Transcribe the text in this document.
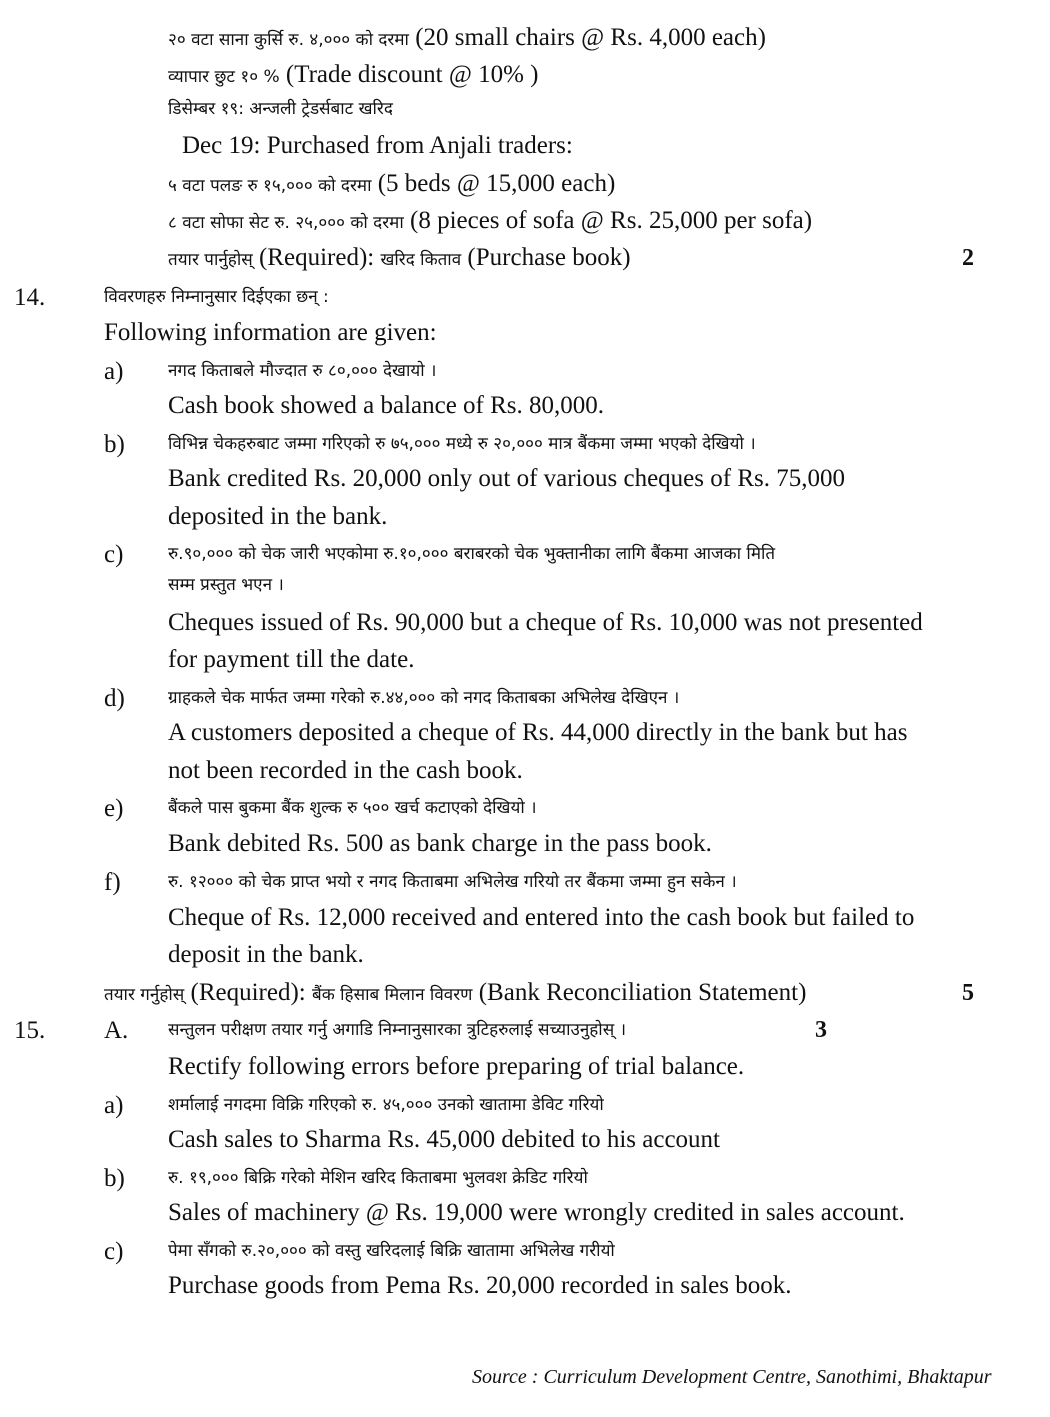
२० वटा साना कुर्सि रु. ४,००० को दरमा (20 small chairs @ Rs. 4,000 each)
व्यापार छुट १० % (Trade discount @ 10% )
डिसेम्बर १९: अन्जली ट्रेडर्सबाट खरिद
Dec 19: Purchased from Anjali traders:
५ वटा पलङ रु १५,००० को दरमा (5 beds @ 15,000 each)
८ वटा सोफा सेट रु. २५,००० को दरमा (8 pieces of sofa @ Rs. 25,000 per sofa)
तयार पार्नुहोस् (Required): खरिद किताव (Purchase book)	2
14.	विवरणहरु निम्नानुसार दिईएका छन् :
Following information are given:
a)	नगद किताबले मौज्दात रु ८०,००० देखायो ।
Cash book showed a balance of Rs. 80,000.
b)	विभिन्न चेकहरुबाट जम्मा गरिएको रु ७५,००० मध्ये रु २०,००० मात्र बैंकमा जम्मा भएको देखियो ।
Bank credited Rs. 20,000 only out of various cheques of Rs. 75,000
deposited in the bank.
c)	रु.९०,००० को चेक जारी भएकोमा रु.१०,००० बराबरको चेक भुक्तानीका लागि बैंकमा आजका मिति
सम्म प्रस्तुत भएन ।
Cheques issued of Rs. 90,000 but a cheque of Rs. 10,000 was not presented
for payment till the date.
d)	ग्राहकले चेक मार्फत जम्मा गरेको रु.४४,००० को नगद किताबका अभिलेख देखिएन ।
A customers deposited a cheque of Rs. 44,000 directly in the bank but has
not been recorded in the cash book.
e)	बैंकले पास बुकमा बैंक शुल्क रु ५०० खर्च कटाएको देखियो ।
Bank debited Rs. 500 as bank charge in the pass book.
f)	रु. १२००० को चेक प्राप्त भयो र नगद किताबमा अभिलेख गरियो तर बैंकमा जम्मा हुन सकेन ।
Cheque of Rs. 12,000 received and entered into the cash book but failed to
deposit in the bank.
तयार गर्नुहोस् (Required): बैंक हिसाब मिलान विवरण (Bank Reconciliation Statement)	5
15. A. सन्तुलन परीक्षण तयार गर्नु अगाडि निम्नानुसारका त्रुटिहरुलाई सच्याउनुहोस् ।	3
Rectify following errors before preparing of trial balance.
a)	शर्मालाई नगदमा विक्रि गरिएको रु. ४५,००० उनको खातामा डेविट गरियो
Cash sales to Sharma Rs. 45,000 debited to his account
b)	रु. १९,००० बिक्रि गरेको मेशिन खरिद किताबमा भुलवश क्रेडिट गरियो
Sales of machinery @ Rs. 19,000 were wrongly credited in sales account.
c)	पेमा सँगको रु.२०,००० को वस्तु खरिदलाई बिक्रि खातामा अभिलेख गरीयो
Purchase goods from Pema Rs. 20,000 recorded in sales book.
Source : Curriculum Development Centre, Sanothimi, Bhaktapur
